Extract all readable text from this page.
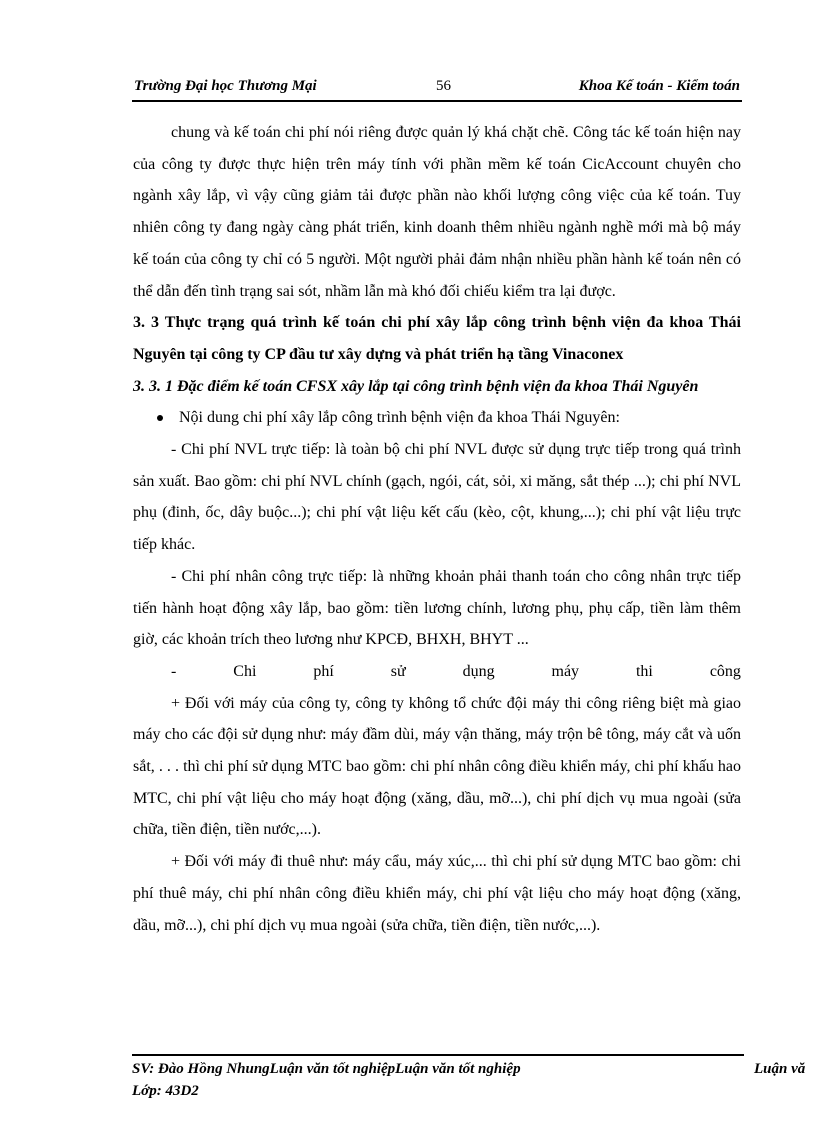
Trường Đại học Thương Mại	56	Khoa Kế toán - Kiểm toán

chung và kế toán chi phí nói riêng được quản lý khá chặt chẽ. Công tác kế toán hiện nay của công ty được thực hiện trên máy tính với phần mềm kế toán CicAccount chuyên cho ngành xây lắp, vì vậy cũng giảm tải được phần nào khối lượng công việc của kế toán. Tuy nhiên công ty đang ngày càng phát triển, kinh doanh thêm nhiều ngành nghề mới mà bộ máy kế toán của công ty chỉ có 5 người. Một người phải đảm nhận nhiều phần hành kế toán nên có thể dẫn đến tình trạng sai sót, nhầm lẫn mà khó đối chiếu kiểm tra lại được.

3. 3 Thực trạng quá trình kế toán chi phí xây lắp công trình bệnh viện đa khoa Thái Nguyên tại công ty CP đầu tư xây dựng và phát triển hạ tầng Vinaconex

3. 3. 1 Đặc điểm kế toán CFSX xây lắp tại công trình bệnh viện đa khoa Thái Nguyên

Nội dung chi phí xây lắp công trình bệnh viện đa khoa Thái Nguyên:

- Chi phí NVL trực tiếp: là toàn bộ chi phí NVL được sử dụng trực tiếp trong quá trình sản xuất. Bao gồm: chi phí NVL chính (gạch, ngói, cát, sỏi, xi măng, sắt thép ...); chi phí NVL phụ (đinh, ốc, dây buộc...); chi phí vật liệu kết cấu (kèo, cột, khung,...); chi phí vật liệu trực tiếp khác.

- Chi phí nhân công trực tiếp: là những khoản phải thanh toán cho công nhân trực tiếp tiến hành hoạt động xây lắp, bao gồm: tiền lương chính, lương phụ, phụ cấp, tiền làm thêm giờ, các khoản trích theo lương như KPCĐ, BHXH, BHYT ...

-	Chi	phí	sử	dụng	máy	thi	công

+ Đối với máy của công ty, công ty không tổ chức đội máy thi công riêng biệt mà giao máy cho các đội sử dụng như: máy đầm dùi, máy vận thăng, máy trộn bê tông, máy cắt và uốn sắt, . . . thì chi phí sử dụng MTC bao gồm: chi phí nhân công điều khiển máy, chi phí khấu hao MTC, chi phí vật liệu cho máy hoạt động (xăng, dầu, mỡ...), chi phí dịch vụ mua ngoài (sửa chữa, tiền điện, tiền nước,...).

+ Đối với máy đi thuê như: máy cẩu, máy xúc,... thì chi phí sử dụng MTC bao gồm: chi phí thuê máy, chi phí nhân công điều khiển máy, chi phí vật liệu cho máy hoạt động (xăng, dầu, mỡ...), chi phí dịch vụ mua ngoài (sửa chữa, tiền điện, tiền nước,...).

SV: Đào Hồng NhungLuận văn tốt nghiệpLuận văn tốt nghiệp	Luận vă
Lớp: 43D2
